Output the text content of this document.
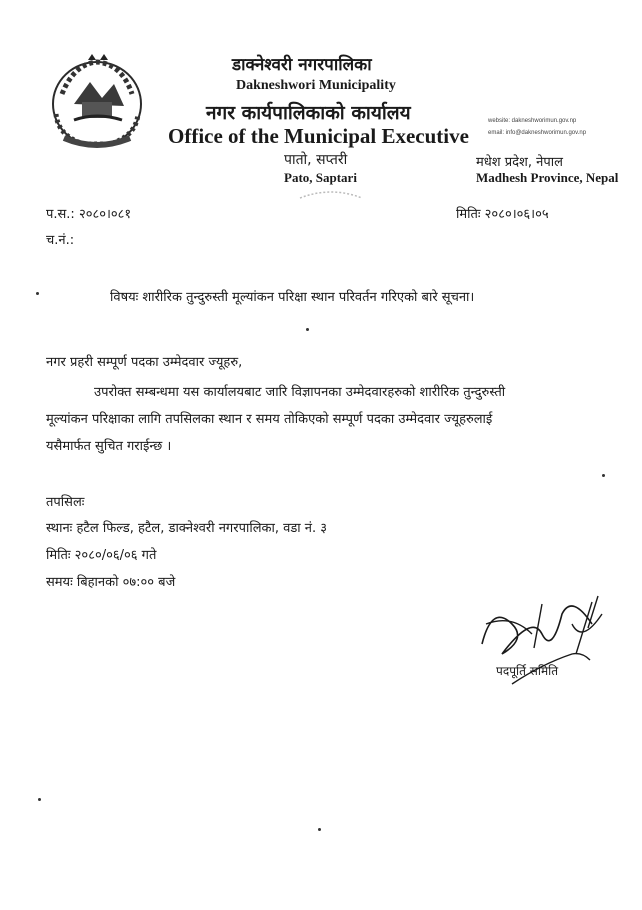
डाक्नेश्वरी नगरपालिका
Dakneshwori Municipality
नगर कार्यपालिकाको कार्यालय
Office of the Municipal Executive
पातो, सप्तरी
Pato, Saptari
website: dakneshworimun.gov.np
email: info@dakneshworimun.gov.np
मधेश प्रदेश, नेपाल
Madhesh Province, Nepal
प.स.: २०८०।०८१
च.नं.:
मितिः २०८०।०६।०५
विषयः शारीरिक तुन्दुरुस्ती मूल्यांकन परिक्षा स्थान परिवर्तन गरिएको बारे सूचना।
नगर प्रहरी सम्पूर्ण पदका उम्मेदवार ज्यूहरु,
उपरोक्त सम्बन्धमा यस कार्यालयबाट जारि विज्ञापनका उम्मेदवारहरुको शारीरिक तुन्दुरुस्ती
मूल्यांकन परिक्षाका लागि तपसिलका स्थान र समय तोकिएको सम्पूर्ण पदका उम्मेदवार ज्यूहरुलाई
यसैमार्फत सुचित गराईन्छ ।
तपसिलः
स्थानः हटैल फिल्ड, हटैल, डाक्नेश्वरी नगरपालिका, वडा नं. ३
मितिः २०८०/०६/०६ गते
समयः बिहानको ०७:०० बजे
पदपूर्ति समिति
